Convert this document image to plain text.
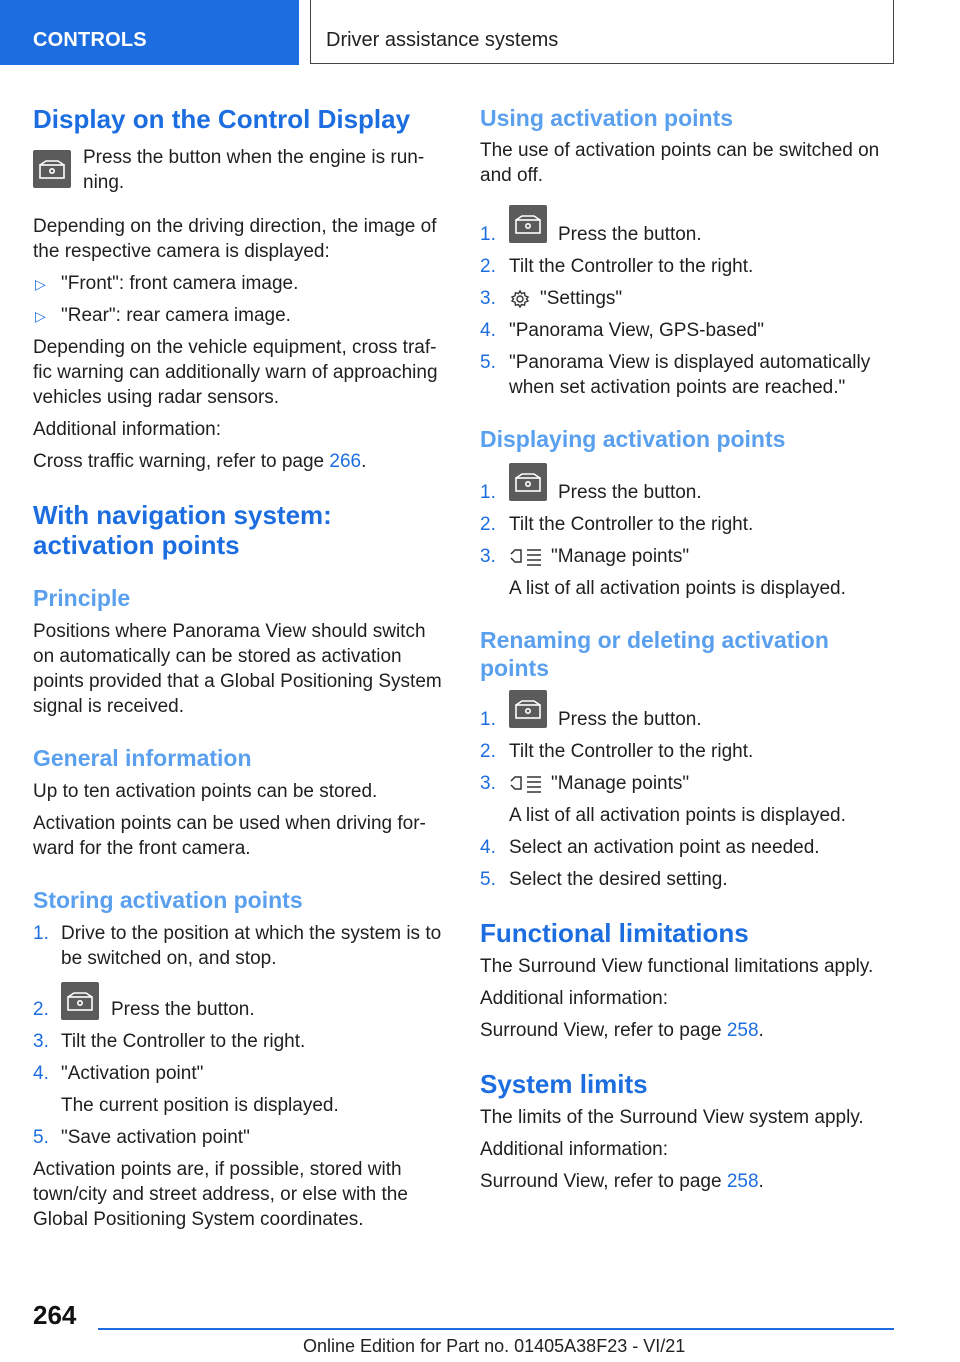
CONTROLS	Driver assistance systems
Display on the Control Display
Press the button when the engine is run-
ning.
Depending on the driving direction, the image of
the respective camera is displayed:
▷ "Front": front camera image.
▷ "Rear": rear camera image.
Depending on the vehicle equipment, cross traf-
fic warning can additionally warn of approaching
vehicles using radar sensors.
Additional information:
Cross traffic warning, refer to page 266.
With navigation system:
activation points
Principle
Positions where Panorama View should switch
on automatically can be stored as activation
points provided that a Global Positioning System
signal is received.
General information
Up to ten activation points can be stored.
Activation points can be used when driving for-
ward for the front camera.
Storing activation points
1. Drive to the position at which the system is to
be switched on, and stop.
2.	Press the button.
3. Tilt the Controller to the right.
4. "Activation point"
The current position is displayed.
5. "Save activation point"
Activation points are, if possible, stored with
town/city and street address, or else with the
Global Positioning System coordinates.
Using activation points
The use of activation points can be switched on
and off.
1.	Press the button.
2. Tilt the Controller to the right.
3. "Settings"
4. "Panorama View, GPS-based"
5. "Panorama View is displayed automatically
when set activation points are reached."
Displaying activation points
1.	Press the button.
2. Tilt the Controller to the right.
3.	"Manage points"
A list of all activation points is displayed.
Renaming or deleting activation
points
1.	Press the button.
2. Tilt the Controller to the right.
3.	"Manage points"
A list of all activation points is displayed.
4. Select an activation point as needed.
5. Select the desired setting.
Functional limitations
The Surround View functional limitations apply.
Additional information:
Surround View, refer to page 258.
System limits
The limits of the Surround View system apply.
Additional information:
Surround View, refer to page 258.
264
Online Edition for Part no. 01405A38F23 - VI/21
